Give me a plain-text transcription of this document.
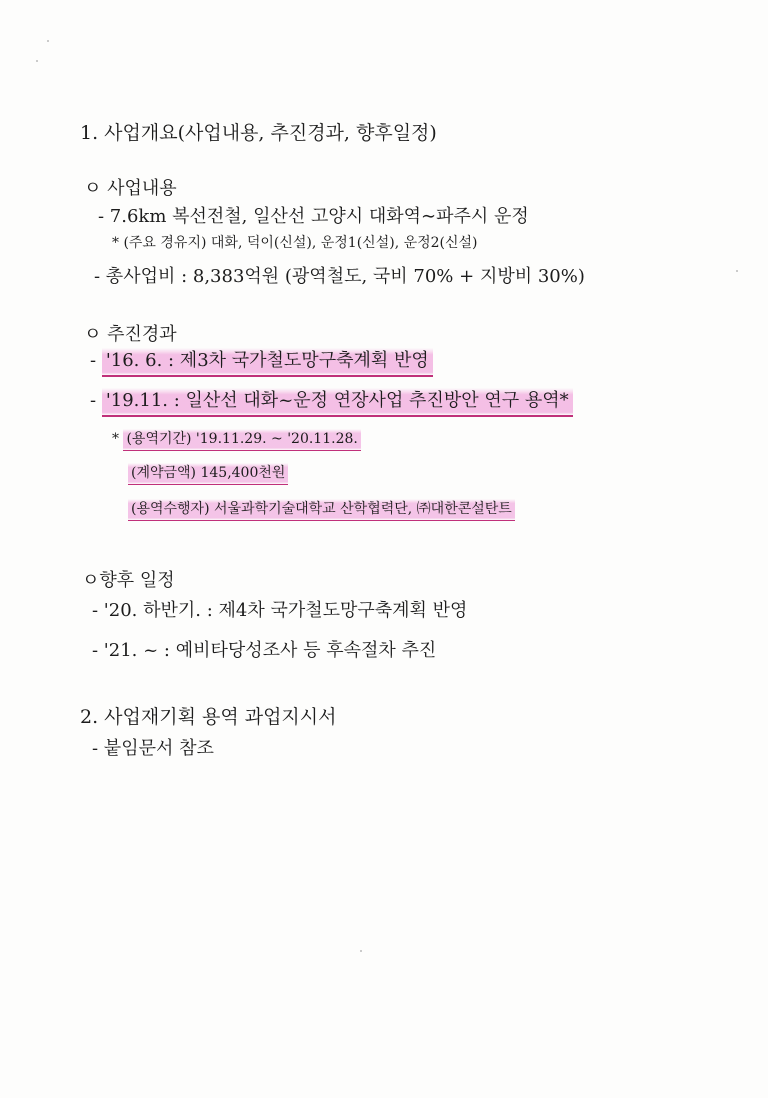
1. 사업개요(사업내용, 추진경과, 향후일정)
ㅇ 사업내용
- 7.6km 복선전철, 일산선 고양시 대화역∼파주시 운정
* (주요 경유지) 대화, 덕이(신설), 운정1(신설), 운정2(신설)
- 총사업비 : 8,383억원 (광역철도, 국비 70% + 지방비 30%)
ㅇ 추진경과
- '16. 6. : 제3차 국가철도망구축계획 반영
- '19.11. : 일산선 대화~운정 연장사업 추진방안 연구 용역*
* (용역기간) '19.11.29. ~ '20.11.28.
(계약금액) 145,400천원
(용역수행자) 서울과학기술대학교 산학협력단, ㈜대한콘설탄트
ㅇ향후 일정
- '20. 하반기. : 제4차 국가철도망구축계획 반영
- '21. ~ : 예비타당성조사 등 후속절차 추진
2. 사업재기획 용역 과업지시서
- 붙임문서 참조
